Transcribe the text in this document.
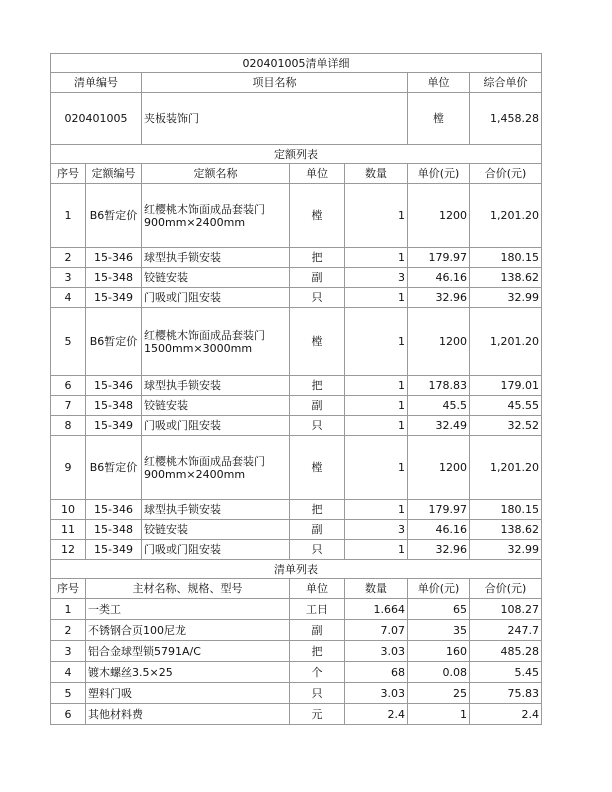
020401005清单详细						
清单编号		项目名称			单位	综合单价
020401005		夹板装饰门			樘	1,458.28
定额列表						
序号	定额编号	定额名称	单位	数量	单价(元)	合价(元)
1	B6暂定价	红樱桃木饰面成品套装门900mm×2400mm	樘	1	1200	1,201.20
2	15-346	球型执手锁安装	把	1	179.97	180.15
3	15-348	铰链安装	副	3	46.16	138.62
4	15-349	门吸或门阻安装	只	1	32.96	32.99
5	B6暂定价	红樱桃木饰面成品套装门1500mm×3000mm	樘	1	1200	1,201.20
6	15-346	球型执手锁安装	把	1	178.83	179.01
7	15-348	铰链安装	副	1	45.5	45.55
8	15-349	门吸或门阻安装	只	1	32.49	32.52
9	B6暂定价	红樱桃木饰面成品套装门900mm×2400mm	樘	1	1200	1,201.20
10	15-346	球型执手锁安装	把	1	179.97	180.15
11	15-348	铰链安装	副	3	46.16	138.62
12	15-349	门吸或门阻安装	只	1	32.96	32.99
清单列表						
序号	主材名称、规格、型号		单位	数量	单价(元)	合价(元)
1	一类工		工日	1.664	65	108.27
2	不锈钢合页100尼龙		副	7.07	35	247.7
3	铝合金球型锁5791A/C		把	3.03	160	485.28
4	镀木螺丝3.5×25		个	68	0.08	5.45
5	塑料门吸		只	3.03	25	75.83
6	其他材料费		元	2.4	1	2.4
